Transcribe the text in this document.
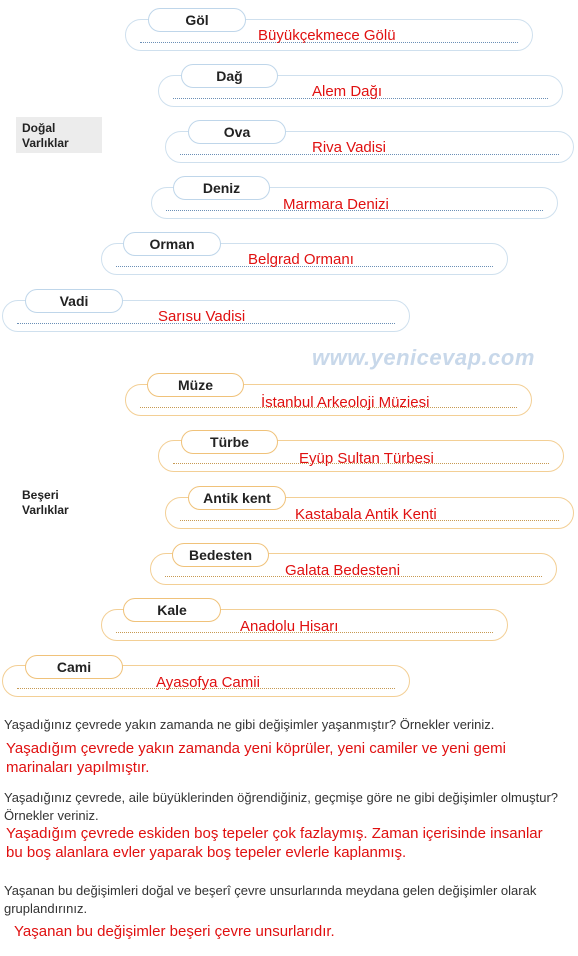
Doğal
Varlıklar
Göl
Büyükçekmece Gölü
Dağ
Alem Dağı
Ova
Riva Vadisi
Deniz
Marmara Denizi
Orman
Belgrad Ormanı
Vadi
Sarısu Vadisi
www.yenicevap.com
Beşeri
Varlıklar
Müze
İstanbul Arkeoloji Müziesi
Türbe
Eyüp Sultan Türbesi
Antik kent
Kastabala Antik Kenti
Bedesten
Galata Bedesteni
Kale
Anadolu Hisarı
Cami
Ayasofya Camii
Yaşadığınız çevrede yakın zamanda ne gibi değişimler yaşanmıştır? Örnekler veriniz.
Yaşadığım çevrede yakın zamanda yeni köprüler, yeni camiler ve yeni gemi marinaları yapılmıştır.
Yaşadığınız çevrede, aile büyüklerinden öğrendiğiniz, geçmişe göre ne gibi değişimler olmuştur? Örnekler veriniz.
Yaşadığım çevrede eskiden boş tepeler çok fazlaymış. Zaman içerisinde insanlar bu boş alanlara evler yaparak boş tepeler evlerle kaplanmış.
Yaşanan bu değişimleri doğal ve beşerî çevre unsurlarında meydana gelen değişimler olarak gruplandırınız.
Yaşanan bu değişimler beşeri çevre unsurlarıdır.
